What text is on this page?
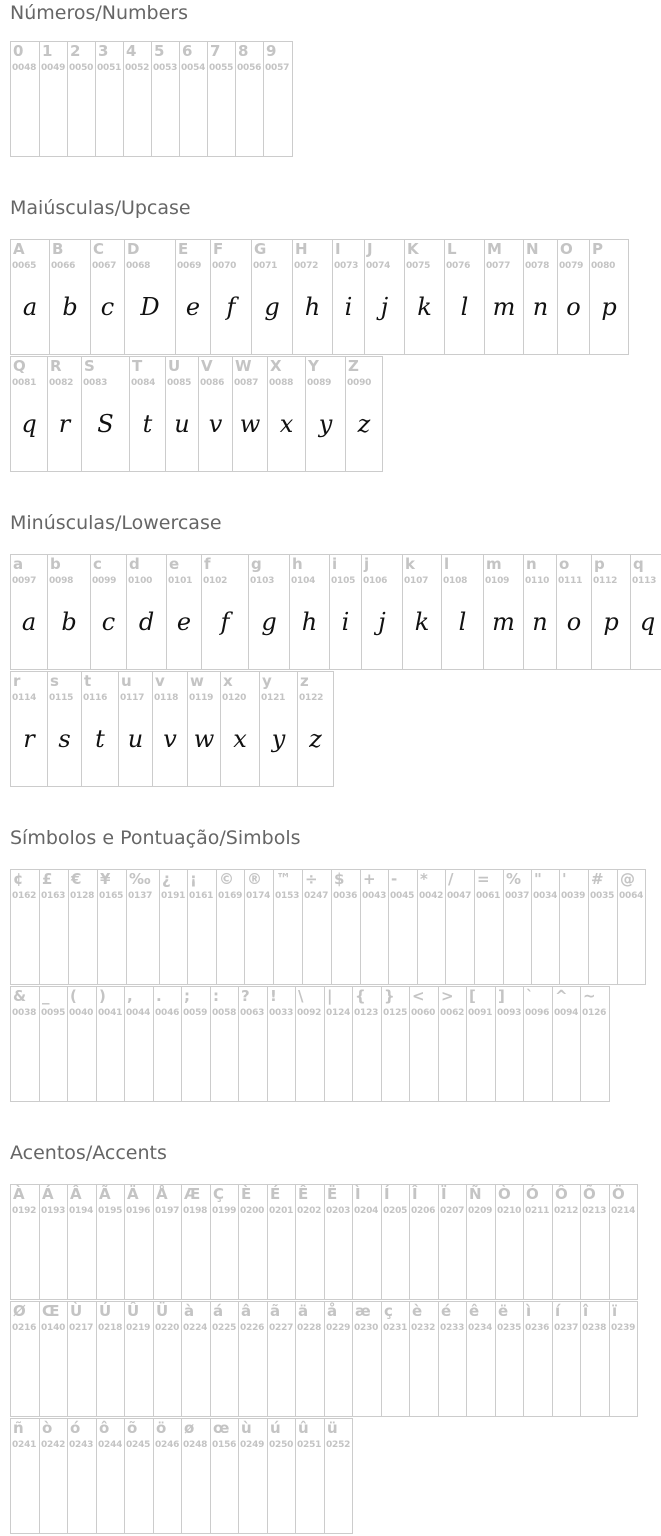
Números/Numbers
0
0048
1
0049
2
0050
3
0051
4
0052
5
0053
6
0054
7
0055
8
0056
9
0057
Maiúsculas/Upcase
A
0065
a
B
0066
b
C
0067
c
D
0068
D
E
0069
e
F
0070
f
G
0071
g
H
0072
h
I
0073
i
J
0074
j
K
0075
k
L
0076
l
M
0077
m
N
0078
n
O
0079
o
P
0080
p
Q
0081
q
R
0082
r
S
0083
S
T
0084
t
U
0085
u
V
0086
v
W
0087
w
X
0088
x
Y
0089
y
Z
0090
z
Minúsculas/Lowercase
a
0097
a
b
0098
b
c
0099
c
d
0100
d
e
0101
e
f
0102
f
g
0103
g
h
0104
h
i
0105
i
j
0106
j
k
0107
k
l
0108
l
m
0109
m
n
0110
n
o
0111
o
p
0112
p
q
0113
q
r
0114
r
s
0115
s
t
0116
t
u
0117
u
v
0118
v
w
0119
w
x
0120
x
y
0121
y
z
0122
z
Símbolos e Pontuação/Simbols
¢
0162
£
0163
€
0128
¥
0165
‰
0137
¿
0191
¡
0161
©
0169
®
0174
™
0153
÷
0247
$
0036
+
0043
-
0045
*
0042
/
0047
=
0061
%
0037
"
0034
'
0039
#
0035
@
0064
&
0038
_
0095
(
0040
)
0041
,
0044
.
0046
;
0059
:
0058
?
0063
!
0033
\
0092
|
0124
{
0123
}
0125
<
0060
>
0062
[
0091
]
0093
`
0096
^
0094
~
0126
Acentos/Accents
À
0192
Á
0193
Â
0194
Ã
0195
Ä
0196
Å
0197
Æ
0198
Ç
0199
È
0200
É
0201
Ê
0202
Ë
0203
Ì
0204
Í
0205
Î
0206
Ï
0207
Ñ
0209
Ò
0210
Ó
0211
Ô
0212
Õ
0213
Ö
0214
Ø
0216
Œ
0140
Ù
0217
Ú
0218
Û
0219
Ü
0220
à
0224
á
0225
â
0226
ã
0227
ä
0228
å
0229
æ
0230
ç
0231
è
0232
é
0233
ê
0234
ë
0235
ì
0236
í
0237
î
0238
ï
0239
ñ
0241
ò
0242
ó
0243
ô
0244
õ
0245
ö
0246
ø
0248
œ
0156
ù
0249
ú
0250
û
0251
ü
0252
